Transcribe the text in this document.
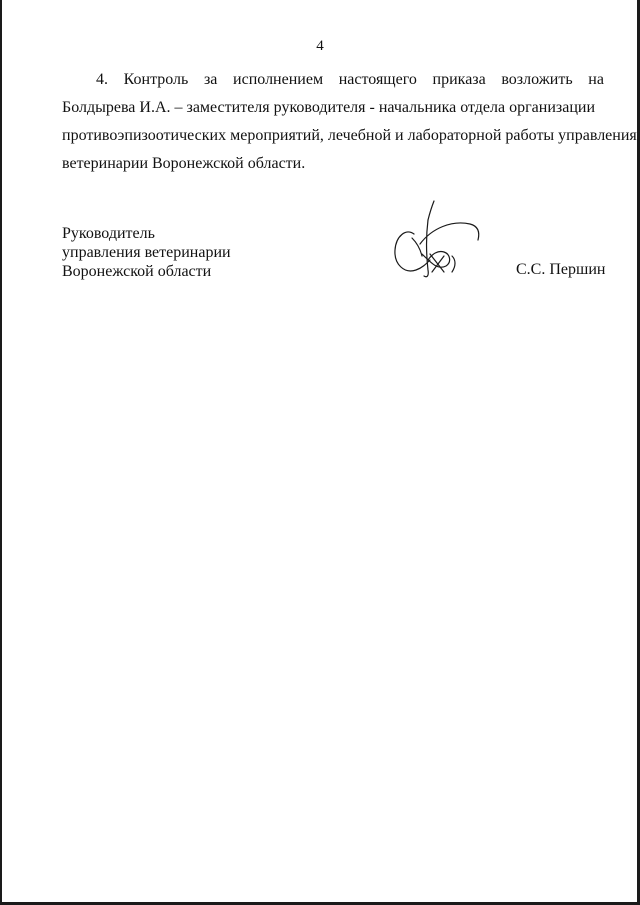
4
4. Контроль за исполнением настоящего приказа возложить на
Болдырева И.А. – заместителя руководителя - начальника отдела организации
противоэпизоотических мероприятий, лечебной и лабораторной работы управления
ветеринарии Воронежской области.
Руководитель
управления ветеринарии
Воронежской области	С.С. Першин
